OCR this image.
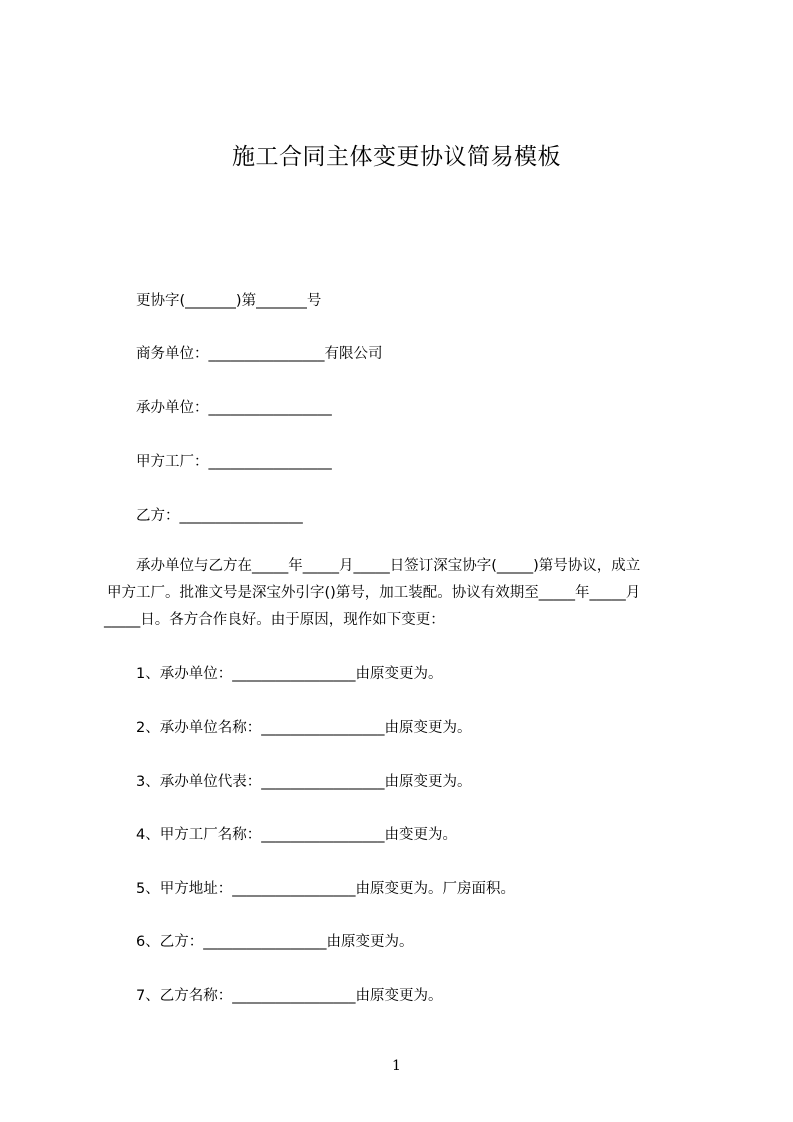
施工合同主体变更协议简易模板
更协字(_______)第_______号
商务单位：________________有限公司
承办单位：_________________
甲方工厂：_________________
乙方：_________________
承办单位与乙方在_____年_____月_____日签订深宝协字(_____)第号协议，成立
甲方工厂。批准文号是深宝外引字()第号，加工装配。协议有效期至_____年_____月
_____日。各方合作良好。由于原因，现作如下变更：
1、承办单位：_________________由原变更为。
2、承办单位名称：_________________由原变更为。
3、承办单位代表：_________________由原变更为。
4、甲方工厂名称：_________________由变更为。
5、甲方地址：_________________由原变更为。厂房面积。
6、乙方：_________________由原变更为。
7、乙方名称：_________________由原变更为。
1
